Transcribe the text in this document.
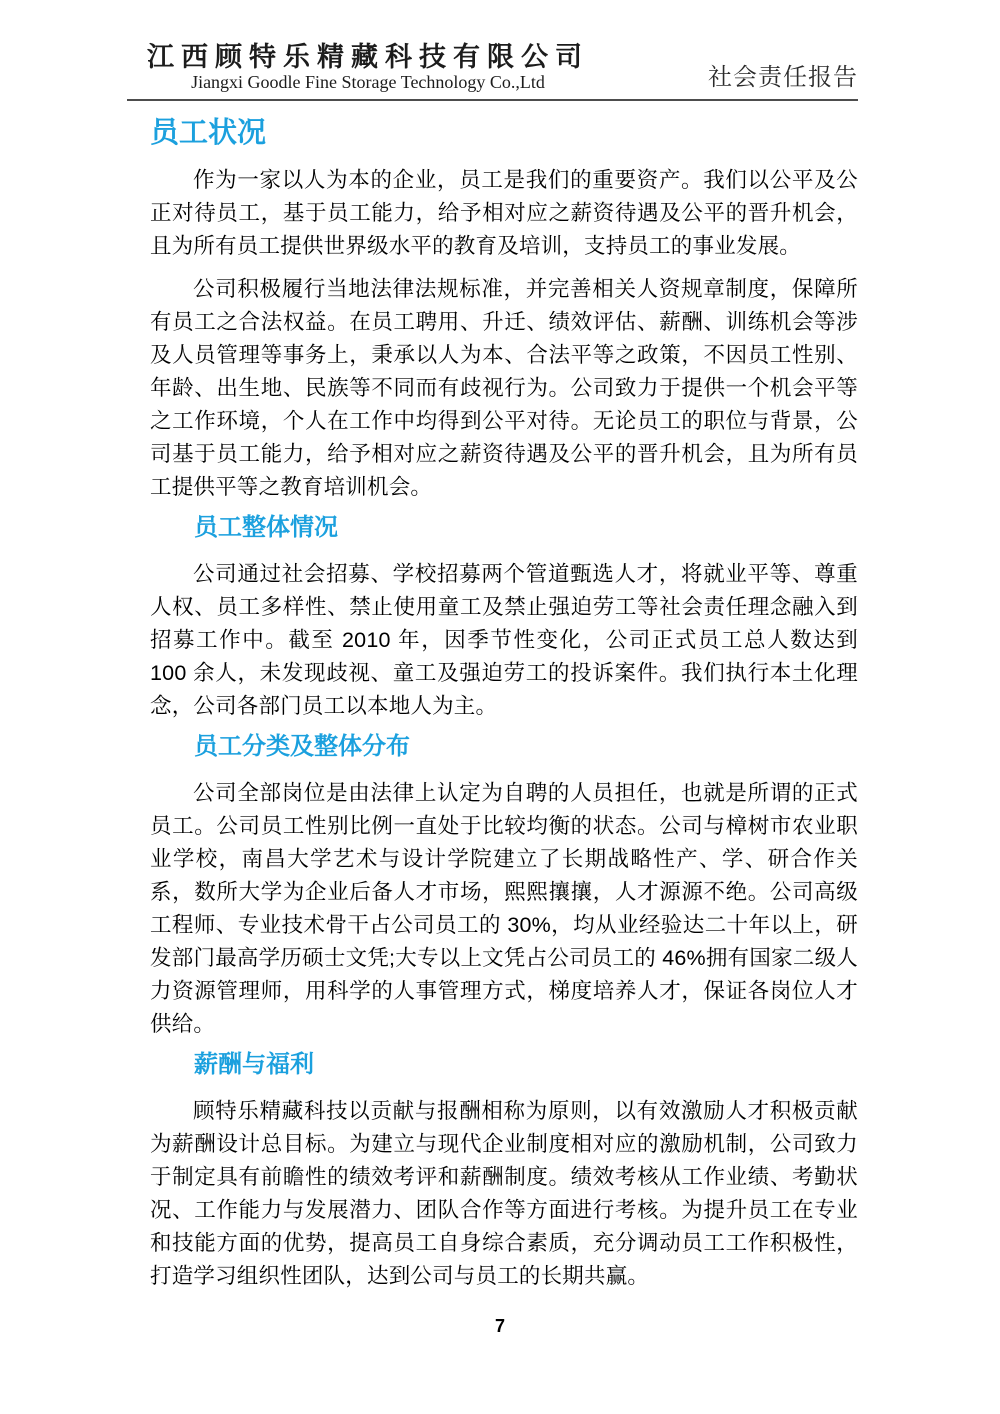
江西顾特乐精藏科技有限公司
Jiangxi Goodle Fine Storage Technology Co.,Ltd	社会责任报告
员工状况

作为一家以人为本的企业，员工是我们的重要资产。我们以公平及公正对待员工，基于员工能力，给予相对应之薪资待遇及公平的晋升机会，且为所有员工提供世界级水平的教育及培训，支持员工的事业发展。

公司积极履行当地法律法规标准，并完善相关人资规章制度，保障所有员工之合法权益。在员工聘用、升迁、绩效评估、薪酬、训练机会等涉及人员管理等事务上，秉承以人为本、合法平等之政策，不因员工性别、年龄、出生地、民族等不同而有歧视行为。公司致力于提供一个机会平等之工作环境，个人在工作中均得到公平对待。无论员工的职位与背景，公司基于员工能力，给予相对应之薪资待遇及公平的晋升机会，且为所有员工提供平等之教育培训机会。

员工整体情况

公司通过社会招募、学校招募两个管道甄选人才，将就业平等、尊重人权、员工多样性、禁止使用童工及禁止强迫劳工等社会责任理念融入到招募工作中。截至 2010 年，因季节性变化，公司正式员工总人数达到 100 余人，未发现歧视、童工及强迫劳工的投诉案件。我们执行本土化理念，公司各部门员工以本地人为主。

员工分类及整体分布

公司全部岗位是由法律上认定为自聘的人员担任，也就是所谓的正式员工。公司员工性别比例一直处于比较均衡的状态。公司与樟树市农业职业学校，南昌大学艺术与设计学院建立了长期战略性产、学、研合作关系，数所大学为企业后备人才市场，熙熙攘攘，人才源源不绝。公司高级工程师、专业技术骨干占公司员工的 30%，均从业经验达二十年以上，研发部门最高学历硕士文凭;大专以上文凭占公司员工的 46%拥有国家二级人力资源管理师，用科学的人事管理方式，梯度培养人才，保证各岗位人才供给。

薪酬与福利

顾特乐精藏科技以贡献与报酬相称为原则，以有效激励人才积极贡献为薪酬设计总目标。为建立与现代企业制度相对应的激励机制，公司致力于制定具有前瞻性的绩效考评和薪酬制度。绩效考核从工作业绩、考勤状况、工作能力与发展潜力、团队合作等方面进行考核。为提升员工在专业和技能方面的优势，提高员工自身综合素质，充分调动员工工作积极性，打造学习组织性团队，达到公司与员工的长期共赢。

7
